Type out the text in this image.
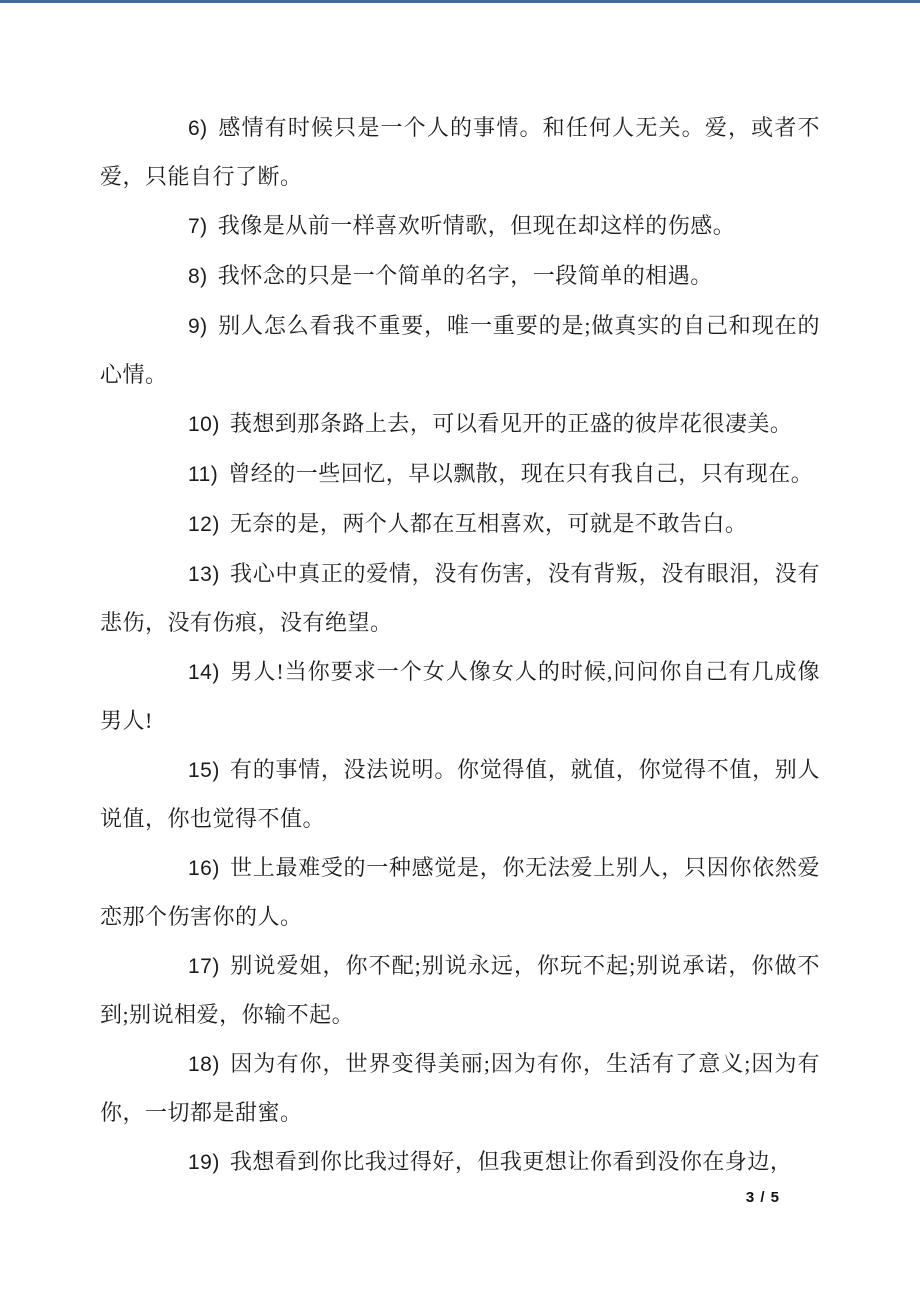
6) 感情有时候只是一个人的事情。和任何人无关。爱，或者不爱，只能自行了断。

7) 我像是从前一样喜欢听情歌，但现在却这样的伤感。

8) 我怀念的只是一个简单的名字，一段简单的相遇。

9) 别人怎么看我不重要，唯一重要的是;做真实的自己和现在的心情。

10) 莪想到那条路上去，可以看见开的正盛的彼岸花很凄美。

11) 曾经的一些回忆，早以飘散，现在只有我自己，只有现在。

12) 无奈的是，两个人都在互相喜欢，可就是不敢告白。

13) 我心中真正的爱情，没有伤害，没有背叛，没有眼泪，没有悲伤，没有伤痕，没有绝望。

14) 男人!当你要求一个女人像女人的时候,问问你自己有几成像男人!

15) 有的事情，没法说明。你觉得值，就值，你觉得不值，别人说值，你也觉得不值。

16) 世上最难受的一种感觉是，你无法爱上别人，只因你依然爱恋那个伤害你的人。

17) 别说爱姐，你不配;别说永远，你玩不起;别说承诺，你做不到;别说相爱，你输不起。

18) 因为有你，世界变得美丽;因为有你，生活有了意义;因为有你，一切都是甜蜜。

19) 我想看到你比我过得好，但我更想让你看到没你在身边，

3 / 5
